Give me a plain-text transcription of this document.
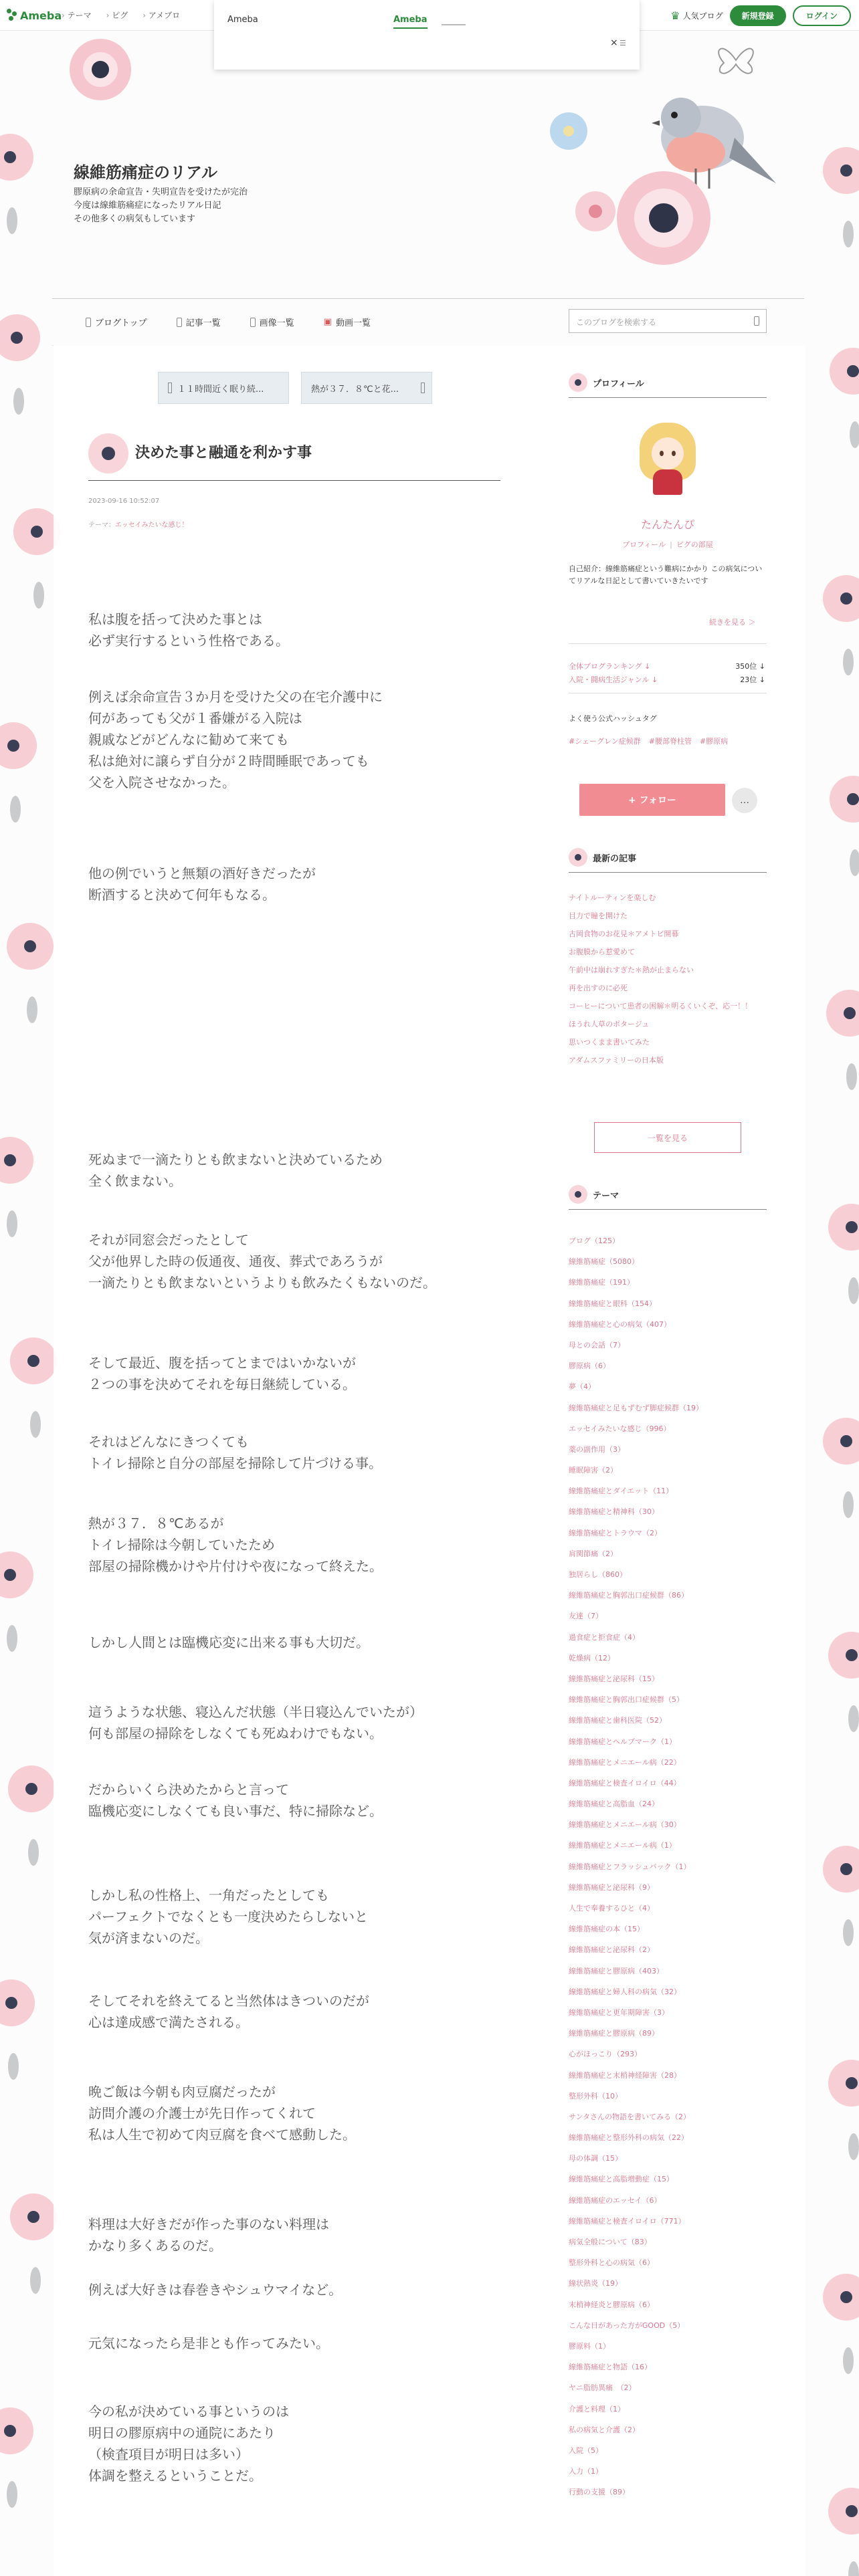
Ameba › テーマ	› ピグ	› アメブロ	♛ 人気ブログ	新規登録	ログイン
Ameba	Ameba
× ☰
線維筋痛症のリアル
膠原病の余命宣告・失明宣告を受けたが完治
今度は線維筋痛症になったリアル日記
その他多くの病気もしています
ブログトップ	記事一覧	画像一覧	▣ 動画一覧	このブログを検索する
１１時間近く眠り続...	熱が３７．８℃と花...
決めた事と融通を利かす事
2023-09-16 10:52:07
テーマ：エッセイみたいな感じ！
私は腹を括って決めた事とは
必ず実行するという性格である。
例えば余命宣告３か月を受けた父の在宅介護中に
何があっても父が１番嫌がる入院は
親戚などがどんなに勧めて来ても
私は絶対に譲らず自分が２時間睡眠であっても
父を入院させなかった。
他の例でいうと無類の酒好きだったが
断酒すると決めて何年もなる。
死ぬまで一滴たりとも飲まないと決めているため
全く飲まない。
それが同窓会だったとして
父が他界した時の仮通夜、通夜、葬式であろうが
一滴たりとも飲まないというよりも飲みたくもないのだ。
そして最近、腹を括ってとまではいかないが
２つの事を決めてそれを毎日継続している。
それはどんなにきつくても
トイレ掃除と自分の部屋を掃除して片づける事。
熱が３７．８℃あるが
トイレ掃除は今朝していたため
部屋の掃除機かけや片付けや夜になって終えた。
しかし人間とは臨機応変に出来る事も大切だ。
這うような状態、寝込んだ状態（半日寝込んでいたが）
何も部屋の掃除をしなくても死ぬわけでもない。
だからいくら決めたからと言って
臨機応変にしなくても良い事だ、特に掃除など。
しかし私の性格上、一角だったとしても
パーフェクトでなくとも一度決めたらしないと
気が済まないのだ。
そしてそれを終えてると当然体はきついのだが
心は達成感で満たされる。
晩ご飯は今朝も肉豆腐だったが
訪問介護の介護士が先日作ってくれて
私は人生で初めて肉豆腐を食べて感動した。
料理は大好きだが作った事のない料理は
かなり多くあるのだ。
例えば大好きは春巻きやシュウマイなど。
元気になったら是非とも作ってみたい。
今の私が決めている事というのは
明日の膠原病中の通院にあたり
（検査項目が明日は多い）
体調を整えるということだ。
プロフィール
たんたんぴ
プロフィール | ピグの部屋
自己紹介：線維筋痛症という難病にかかり この病気についてリアルな日記として書いていきたいです
続きを見る ＞
全体ブログランキング ↓	350位 ↓
入院・闘病生活ジャンル ↓	23位 ↓
よく使う公式ハッシュタグ
#シェーグレン症候群 #腰部脊柱管 #膠原病
+ フォロー	…
最新の記事
ナイトルーティンを楽しむ
目力で瞳を開けた
古岡食物のお花見＊アメトビ開幕
お腹膜から惹愛めて
午前中は崩れすぎた＊熱が止まらない
再を出すのに必死
コーヒーについて患者の困解＊明るくいくぞ、応一！！
ほうれ人草のポタージュ
思いつくまま書いてみた
アダムスファミリーの日本版
一覧を見る
テーマ
ブログ（125）
線維筋痛症（5080）
線維筋痛症（191）
線維筋痛症と眼科（154）
線維筋痛症と心の病気（407）
母との会話（7）
膠原病（6）
夢（4）
線維筋痛症と足もずむず脚症候群（19）
エッセイみたいな感じ（996）
薬の副作用（3）
睡眠障害（2）
線維筋痛症とダイエット（11）
線維筋痛症と精神科（30）
線維筋痛症とトラウマ（2）
肩関節痛（2）
独居らし（860）
線維筋痛症と胸郭出口症候群（86）
友達（7）
過食症と拒食症（4）
乾燥病（12）
線維筋痛症と泌尿科（15）
線維筋痛症と胸郭出口症候群（5）
線維筋痛症と歯科医院（52）
線維筋痛症とヘルプマーク（1）
線維筋痛症とメニエール病（22）
線維筋痛症と検査イロイロ（44）
線維筋痛症と高脂血（24）
線維筋痛症とメニエール病（30）
線維筋痛症とメニエール病（1）
線維筋痛症とフラッシュバック（1）
線維筋痛症と泌尿科（9）
人生で奉養するひと（4）
線維筋痛症の本（15）
線維筋痛症と泌尿科（2）
線維筋痛症と膠原病（403）
線維筋痛症と婦人科の病気（32）
線維筋痛症と更年期障害（3）
線維筋痛症と膠原病（89）
心がほっこり（293）
線維筋痛症と末梢神経障害（28）
整形外科（10）
サンタさんの物語を書いてみる（2）
線維筋痛症と整形外科の病気（22）
母の体調（15）
線維筋痛症と高脂増動症（15）
線維筋痛症のエッセイ（6）
線維筋痛症と検査イロイロ（771）
病気全般について（83）
整形外科と心の病気（6）
線状熱炎（19）
末梢神経炎と膠原病（6）
こんな日があった方がGOOD（5）
膠原料（1）
線維筋痛症と物語（16）
ヤニ脂肪異痛　（2）
介護と料理（1）
私の病気と介護（2）
入院（5）
入力（1）
行動の支援（89）
